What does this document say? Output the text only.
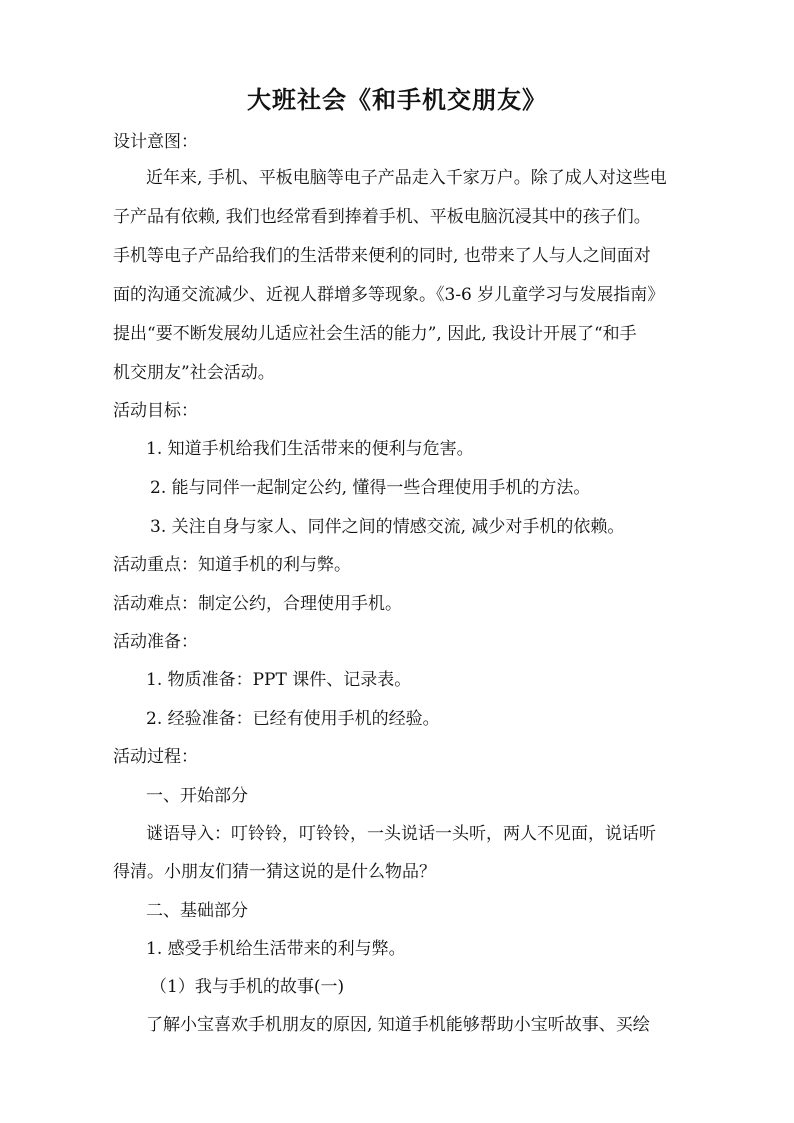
大班社会《和手机交朋友》
设计意图：
近年来, 手机、平板电脑等电子产品走入千家万户。除了成人对这些电
子产品有依赖, 我们也经常看到捧着手机、平板电脑沉浸其中的孩子们。
手机等电子产品给我们的生活带来便利的同时, 也带来了人与人之间面对
面的沟通交流减少、近视人群增多等现象。《3-6 岁儿童学习与发展指南》
提出“要不断发展幼儿适应社会生活的能力”, 因此, 我设计开展了“和手
机交朋友”社会活动。
活动目标：
1. 知道手机给我们生活带来的便利与危害。
2. 能与同伴一起制定公约, 懂得一些合理使用手机的方法。
3. 关注自身与家人、同伴之间的情感交流, 减少对手机的依赖。
活动重点：知道手机的利与弊。
活动难点：制定公约，合理使用手机。
活动准备：
1. 物质准备：PPT 课件、记录表。
2. 经验准备：已经有使用手机的经验。
活动过程：
一、开始部分
谜语导入：叮铃铃，叮铃铃，一头说话一头听，两人不见面，说话听
得清。小朋友们猜一猜这说的是什么物品？
二、基础部分
1. 感受手机给生活带来的利与弊。
（1）我与手机的故事(一)
了解小宝喜欢手机朋友的原因, 知道手机能够帮助小宝听故事、买绘
